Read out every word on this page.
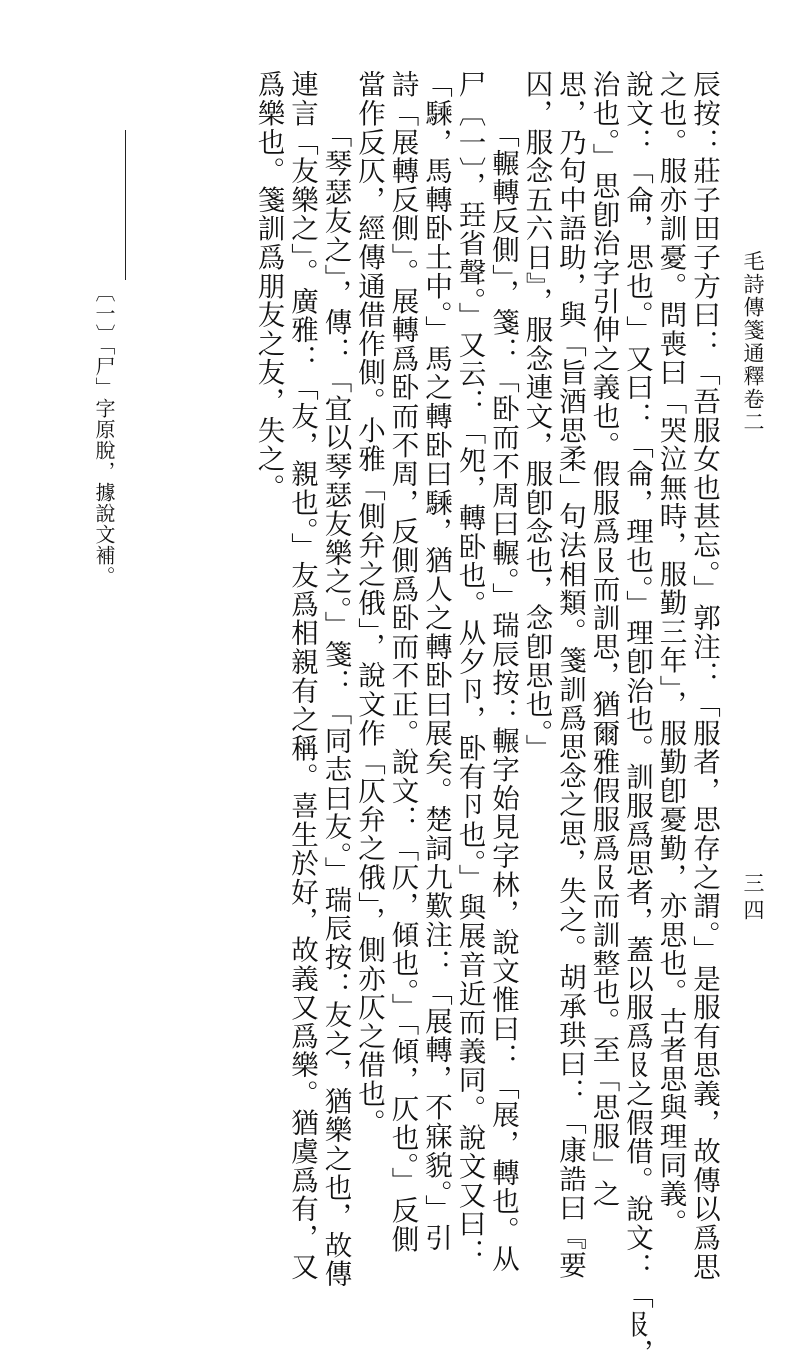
毛詩傳箋通釋卷二
辰按：莊子田子方曰：「吾服女也甚忘。」郭注：「服者，思存之謂。」是服有思義，故傳以爲思
之也。服亦訓憂。問喪曰「哭泣無時，服勤三年」，服勤卽憂勤，亦思也。古者思與理同義。
說文：「侖，思也。」又曰：「侖，理也。」理卽治也。訓服爲思者，蓋以服爲𠬝之假借。說文：「𠬝，
治也。」思卽治字引伸之義也。假服爲𠬝而訓思，猶爾雅假服爲𠬝而訓整也。至「思服」之
思，乃句中語助，與「旨酒思柔」句法相類。箋訓爲思念之思，失之。胡承珙曰：「康誥曰『要
囚，服念五六日』，服念連文，服卽念也，念卽思也。」
「輾轉反側」，箋：「卧而不周曰輾。」瑞辰按：輾字始見字林，說文惟曰：「展，轉也。从
尸〔一〕，㠭省聲。」又云：「夗，轉卧也。从夕卪，卧有卪也。」與展音近而義同。說文又曰：
「騬，馬轉卧土中。」馬之轉卧曰騬，猶人之轉卧曰展矣。楚詞九歎注：「展轉，不寐貌。」引
詩「展轉反側」。展轉爲卧而不周，反側爲卧而不正。說文：「仄，傾也。」「傾，仄也。」反側
當作反仄，經傳通借作側。小雅「側弁之俄」，說文作「仄弁之俄」，側亦仄之借也。
「琴瑟友之」，傳：「宜以琴瑟友樂之。」箋：「同志曰友。」瑞辰按：友之，猶樂之也，故傳
連言「友樂之」。廣雅：「友，親也。」友爲相親有之稱。喜生於好，故義又爲樂。猶虞爲有，又
爲樂也。箋訓爲朋友之友，失之。
三四
〔一〕「尸」字原脫，據說文補。
